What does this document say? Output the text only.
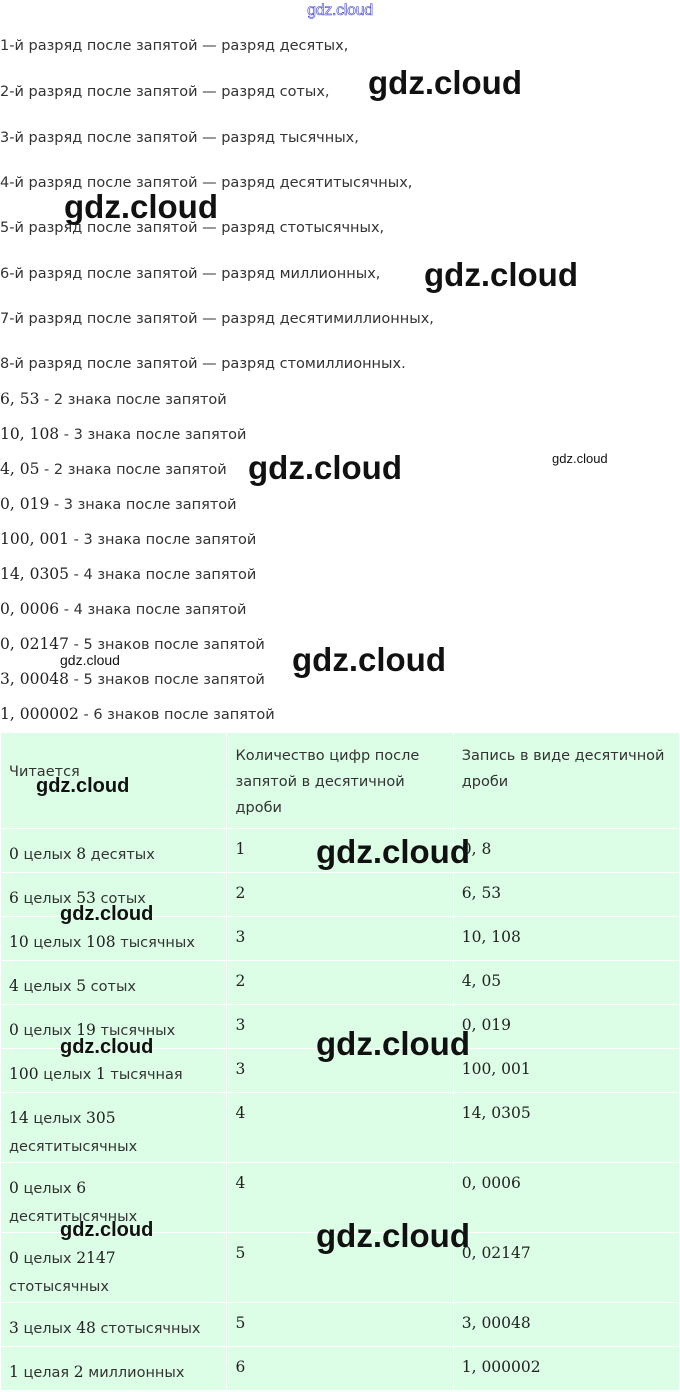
gdz.cloud
1-й разряд после запятой — разряд десятых,
2-й разряд после запятой — разряд сотых,
3-й разряд после запятой — разряд тысячных,
4-й разряд после запятой — разряд десятитысячных,
5-й разряд после запятой — разряд стотысячных,
6-й разряд после запятой — разряд миллионных,
7-й разряд после запятой — разряд десятимиллионных,
8-й разряд после запятой — разряд стомиллионных.
6, 53 - 2 знака после запятой
10, 108 - 3 знака после запятой
4, 05 - 2 знака после запятой
0, 019 - 3 знака после запятой
100, 001 - 3 знака после запятой
14, 0305 - 4 знака после запятой
0, 0006 - 4 знака после запятой
0, 02147 - 5 знаков после запятой
3, 00048 - 5 знаков после запятой
1, 000002 - 6 знаков после запятой
Читается	Количество цифр после запятой в десятичной дроби	Запись в виде десятичной дроби

0 целых 8 десятых	1	0, 8

6 целых 53 сотых	2	6, 53

10 целых 108 тысячных	3	10, 108

4 целых 5 сотых	2	4, 05

0 целых 19 тысячных	3	0, 019

100 целых 1 тысячная	3	100, 001

14 целых 305 десятитысячных	4	14, 0305

0 целых 6 десятитысячных	4	0, 0006

0 целых 2147 стотысячных	5	0, 02147

3 целых 48 стотысячных	5	3, 00048

1 целая 2 миллионных	6	1, 000002
gdz.cloud
gdz.cloud
gdz.cloud
gdz.cloud	gdz.cloud
gdz.cloud
gdz.cloud
gdz.cloud
gdz.cloud
gdz.cloud
gdz.cloud	gdz.cloud
gdz.cloud	gdz.cloud
